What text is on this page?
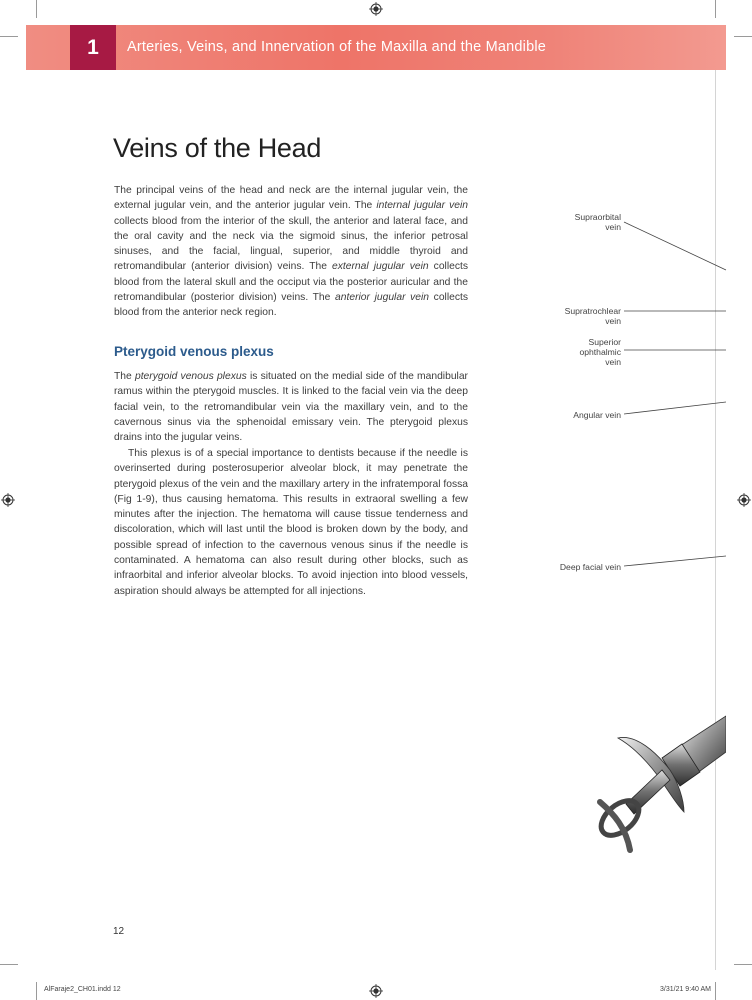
1	Arteries, Veins, and Innervation of the Maxilla and the Mandible
Veins of the Head

The principal veins of the head and neck are the internal jugular vein, the external jugular vein, and the anterior jugular vein. The internal jugular vein collects blood from the interior of the skull, the anterior and lateral face, and the oral cavity and the neck via the sigmoid sinus, the inferior petrosal sinuses, and the facial, lingual, superior, and middle thyroid and retromandibular (anterior division) veins. The external jugular vein collects blood from the lateral skull and the occiput via the posterior auricular and the retromandibular (posterior division) veins. The anterior jugular vein collects blood from the anterior neck region.

Pterygoid venous plexus

The pterygoid venous plexus is situated on the medial side of the mandibular ramus within the pterygoid muscles. It is linked to the facial vein via the deep facial vein, to the retromandibular vein via the maxillary vein, and to the cavernous sinus via the sphenoidal emissary vein. The pterygoid plexus drains into the jugular veins.

This plexus is of a special importance to dentists because if the needle is overinserted during posterosuperior alveolar block, it may penetrate the pterygoid plexus of the vein and the maxillary artery in the infratemporal fossa (Fig 1-9), thus causing hematoma. This results in extraoral swelling a few minutes after the injection. The hematoma will cause tissue tenderness and discoloration, which will last until the blood is broken down by the body, and possible spread of infection to the cavernous venous sinus if the needle is contaminated. A hematoma can also result during other blocks, such as infraorbital and inferior alveolar blocks. To avoid injection into blood vessels, aspiration should always be attempted for all injections.

Supraorbital
vein
Supratrochlear
vein
Superior
ophthalmic
vein
Angular vein
Deep facial vein
12
AlFaraje2_CH01.indd 12	3/31/21 9:40 AM
